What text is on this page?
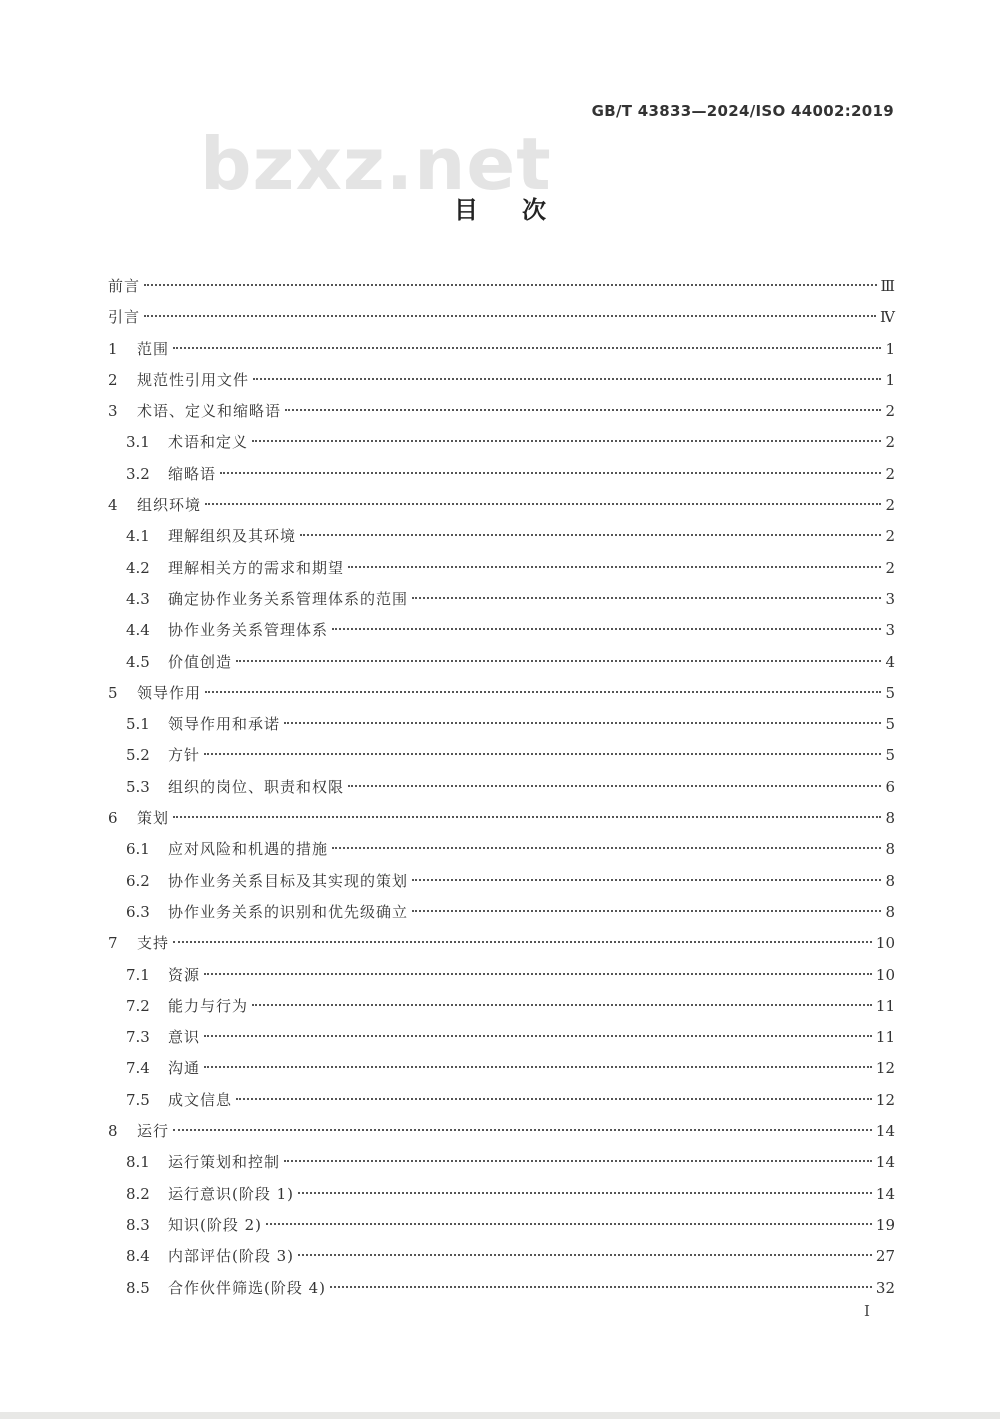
GB/T 43833—2024/ISO 44002:2019
bzxz.net
目次
前言	Ⅲ
引言	Ⅳ
1	范围	1
2	规范性引用文件	1
3	术语、定义和缩略语	2
3.1	术语和定义	2
3.2	缩略语	2
4	组织环境	2
4.1	理解组织及其环境	2
4.2	理解相关方的需求和期望	2
4.3	确定协作业务关系管理体系的范围	3
4.4	协作业务关系管理体系	3
4.5	价值创造	4
5	领导作用	5
5.1	领导作用和承诺	5
5.2	方针	5
5.3	组织的岗位、职责和权限	6
6	策划	8
6.1	应对风险和机遇的措施	8
6.2	协作业务关系目标及其实现的策划	8
6.3	协作业务关系的识别和优先级确立	8
7	支持	10
7.1	资源	10
7.2	能力与行为	11
7.3	意识	11
7.4	沟通	12
7.5	成文信息	12
8	运行	14
8.1	运行策划和控制	14
8.2	运行意识(阶段 1)	14
8.3	知识(阶段 2)	19
8.4	内部评估(阶段 3)	27
8.5	合作伙伴筛选(阶段 4)	32
I
